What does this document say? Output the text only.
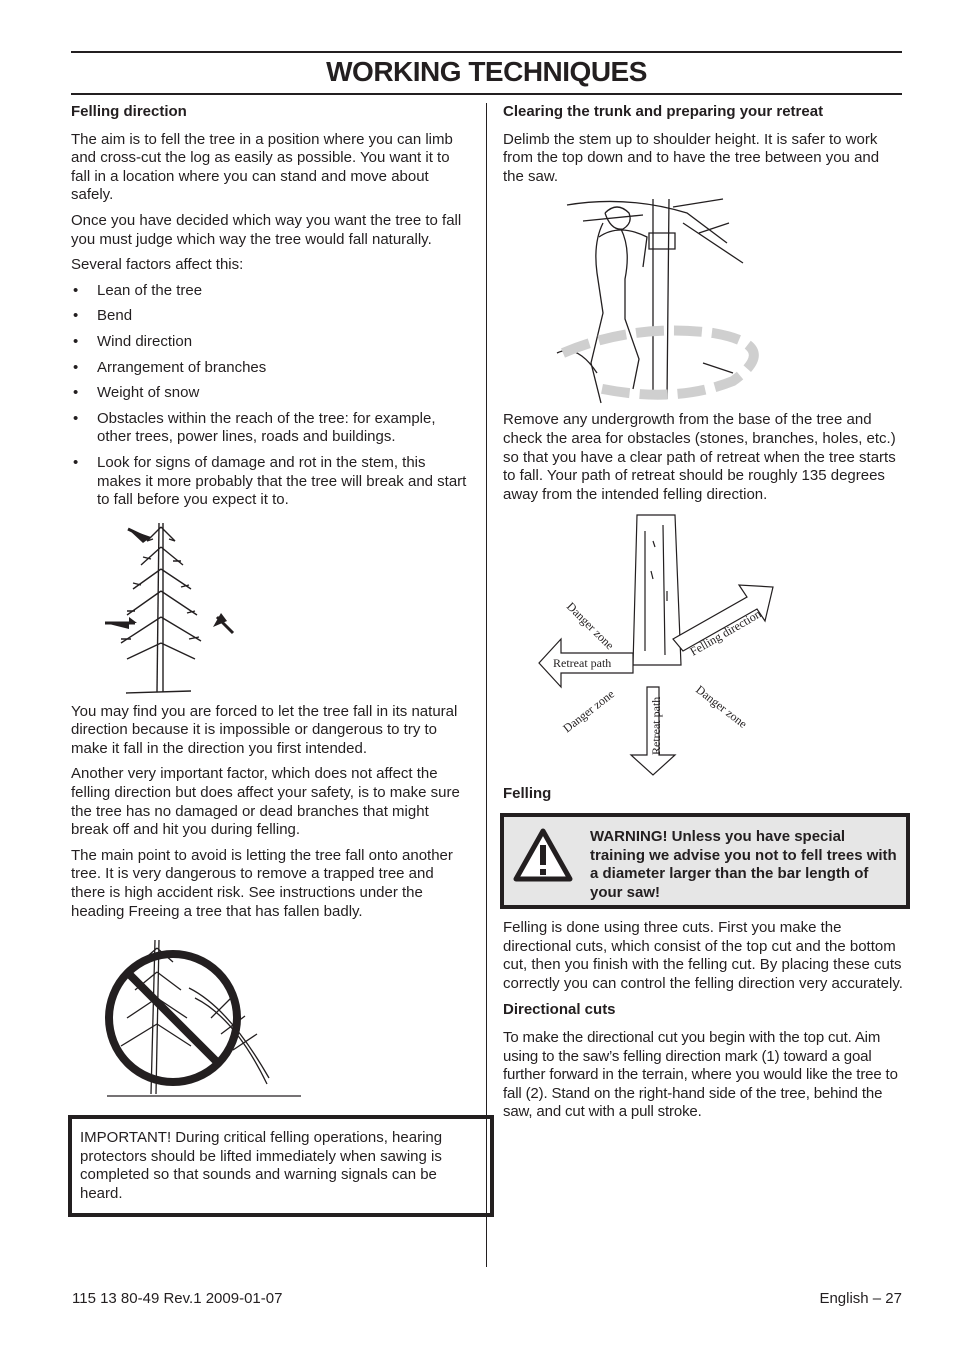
WORKING TECHNIQUES
Felling direction

The aim is to fell the tree in a position where you can limb and cross-cut the log as easily as possible. You want it to fall in a location where you can stand and move about safely.

Once you have decided which way you want the tree to fall you must judge which way the tree would fall naturally.

Several factors affect this:

• Lean of the tree
• Bend
• Wind direction
• Arrangement of branches
• Weight of snow
• Obstacles within the reach of the tree: for example, other trees, power lines, roads and buildings.
• Look for signs of damage and rot in the stem, this makes it more probably that the tree will break and start to fall before you expect it to.

You may find you are forced to let the tree fall in its natural direction because it is impossible or dangerous to try to make it fall in the direction you first intended.

Another very important factor, which does not affect the felling direction but does affect your safety, is to make sure the tree has no damaged or dead branches that might break off and hit you during felling.

The main point to avoid is letting the tree fall onto another tree. It is very dangerous to remove a trapped tree and there is high accident risk. See instructions under the heading Freeing a tree that has fallen badly.

IMPORTANT! During critical felling operations, hearing protectors should be lifted immediately when sawing is completed so that sounds and warning signals can be heard.
Clearing the trunk and preparing your retreat

Delimb the stem up to shoulder height. It is safer to work from the top down and to have the tree between you and the saw.

Remove any undergrowth from the base of the tree and check the area for obstacles (stones, branches, holes, etc.) so that you have a clear path of retreat when the tree starts to fall. Your path of retreat should be roughly 135 degrees away from the intended felling direction.

Danger zone	Felling direction
Retreat path
Danger zone	Danger zone
Retreat path
Felling
WARNING! Unless you have special training we advise you not to fell trees with a diameter larger than the bar length of your saw!

Felling is done using three cuts. First you make the directional cuts, which consist of the top cut and the bottom cut, then you finish with the felling cut. By placing these cuts correctly you can control the felling direction very accurately.

Directional cuts

To make the directional cut you begin with the top cut. Aim using to the saw’s felling direction mark (1) toward a goal further forward in the terrain, where you would like the tree to fall (2). Stand on the right-hand side of the tree, behind the saw, and cut with a pull stroke.

115 13 80-49 Rev.1 2009-01-07	English – 27
